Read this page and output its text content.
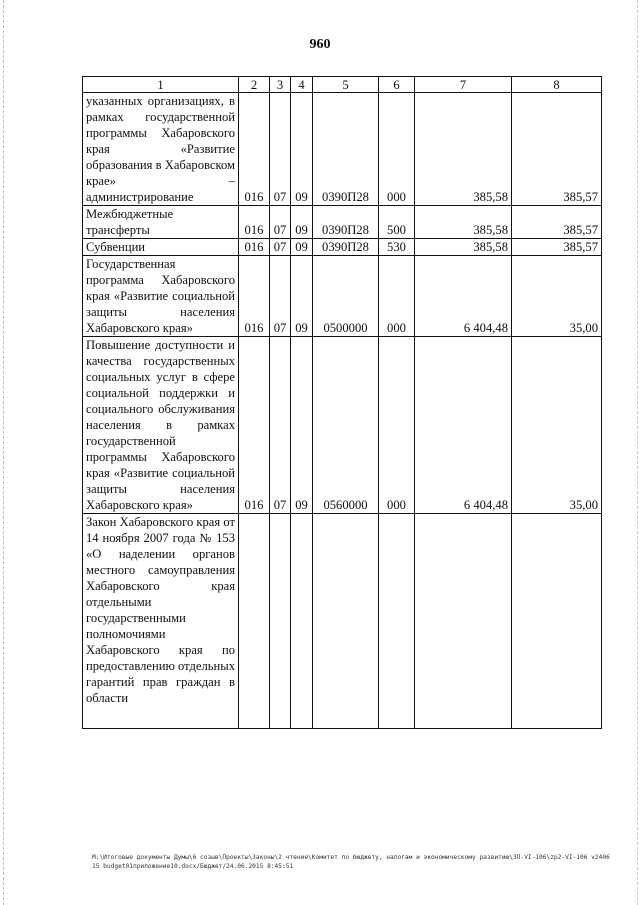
960
1	2	3	4	5	6	7	8
указанных организациях, в рамках государственной программы Хабаровского края «Развитие образования в Хабаровском крае» – администрирование	016	07	09	0390П28	000	385,58	385,57
Межбюджетные трансферты	016	07	09	0390П28	500	385,58	385,57
Субвенции	016	07	09	0390П28	530	385,58	385,57
Государственная программа Хабаровского края «Развитие социальной защиты населения Хабаровского края»	016	07	09	0500000	000	6 404,48	35,00
Повышение доступности и качества государственных социальных услуг в сфере социальной поддержки и социального обслуживания населения в рамках государственной программы Хабаровского края «Развитие социальной защиты населения Хабаровского края»	016	07	09	0560000	000	6 404,48	35,00
Закон Хабаровского края от 14 ноября 2007 года № 153 «О наделении органов местного самоуправления Хабаровского края отдельными государственными полномочиями Хабаровского края по предоставлению отдельных гарантий прав граждан в области							
M:\Итоговые документы Думы\6 созыв\Проекты\Законы\2 чтение\Комитет по бюджету, налогам и экономическому развитию\ЗП-VI-106\zp2-VI-106 v240615 budget01приложение10.docx/Бюджет/24.06.2015 8:45:51
